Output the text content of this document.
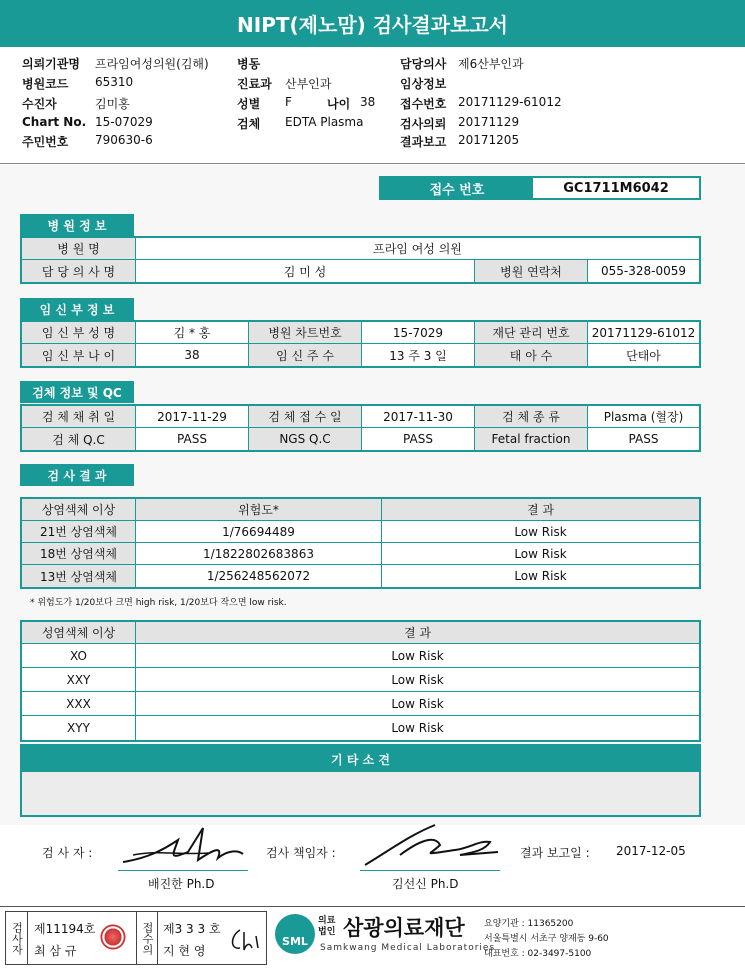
NIPT(제노맘) 검사결과보고서
의뢰기관명 프라임여성의원(김해)
병원코드 65310
수진자	김미홍
Chart No. 15-07029
주민번호 790630-6
병동
진료과 산부인과
성별 F	나이 38
검체 EDTA Plasma
담당의사 제6산부인과
임상정보
접수번호 20171129-61012
검사의뢰 20171129
결과보고 20171205
접수 번호	GC1711M6042
병 원 정 보
병 원 명	프라임 여성 의원
담 당 의 사 명	김 미 성	병원 연락처	055-328-0059
임 신 부 정 보
임 신 부 성 명	김 * 홍	병원 차트번호	15-7029	재단 관리 번호	20171129-61012
임 신 부 나 이	38	임 신 주 수	13 주 3 일	태 아 수	단태아
검체 정보 및 QC
검 체 채 취 일	2017-11-29	검 체 접 수 일	2017-11-30	검 체 종 류	Plasma (혈장)
검 체 Q.C	PASS	NGS Q.C	PASS	Fetal fraction	PASS
검 사 결 과
상염색체 이상	위험도*	결 과
21번 상염색체	1/76694489	Low Risk
18번 상염색체	1/1822802683863	Low Risk
13번 상염색체	1/256248562072	Low Risk
* 위험도가 1/20보다 크면 high risk, 1/20보다 작으면 low risk.
성염색체 이상	결 과
XO	Low Risk
XXY	Low Risk
XXX	Low Risk
XYY	Low Risk
기 타 소 견
검 사 자 :
배진한 Ph.D
검사 책임자 :
김선신 Ph.D
결과 보고일 : 2017-12-05
검사자 제11194호
최 삼 규	접수의 제3 3 3 호
지 현 영
SML
의료법인 삼광의료재단
Samkwang Medical Laboratories
요양기관 : 11365200
서울특별시 서초구 양재동 9-60
대표번호 : 02-3497-5100
